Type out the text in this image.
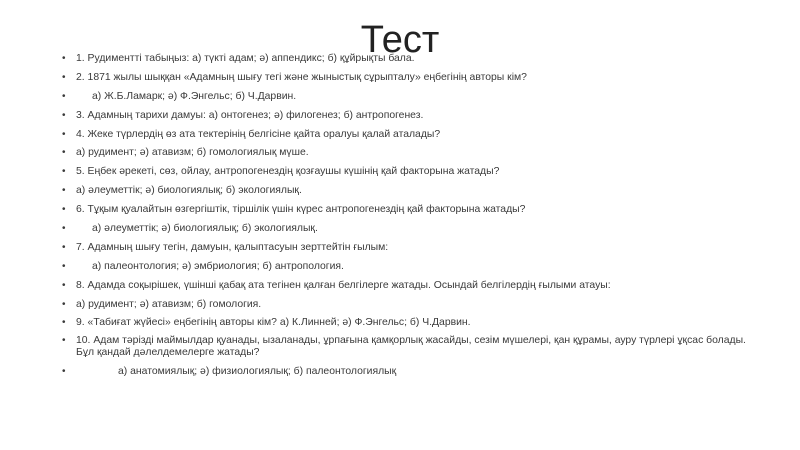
Тест
• 1. Рудиментті табыңыз: а) түкті адам; ә) аппендикс; б) құйрықты бала.
• 2. 1871 жылы шыққан «Адамның шығу тегі және жыныстық сұрыпталу» еңбегінің авторы кім?
•	а) Ж.Б.Ламарк; ә) Ф.Энгельс; б) Ч.Дарвин.
• 3. Адамның тарихи дамуы: а) онтогенез; ә) филогенез; б) антропогенез.
• 4. Жеке түрлердің өз ата тектерінің белгісіне қайта оралуы қалай аталады?
• а) рудимент; ә) атавизм; б) гомологиялық мүше.
• 5. Еңбек әрекеті, сөз, ойлау, антропогенездің қозғаушы күшінің қай факторына жатады?
• а) әлеуметтік; ә) биологиялық; б) экологиялық.
• 6. Тұқым қуалайтын өзгергіштік, тіршілік үшін күрес антропогенездің қай факторына жатады?
•	а) әлеуметтік; ә) биологиялық; б) экологиялық.
• 7. Адамның шығу тегін, дамуын, қалыптасуын зерттейтін ғылым:
•	а) палеонтология; ә) эмбриология; б) антропология.
• 8. Адамда соқырішек, үшінші қабақ ата тегінен қалған белгілерге жатады. Осындай белгілердің ғылыми атауы:
• а) рудимент; ә) атавизм; б) гомология.
• 9. «Табиғат жүйесі» еңбегінің авторы кім? а) К.Линней; ә) Ф.Энгельс; б) Ч.Дарвин.
• 10. Адам тәрізді маймылдар қуанады, ызаланады, ұрпағына қамқорлық жасайды, сезім мүшелері, қан құрамы, ауру түрлері ұқсас болады. Бұл қандай дәлелдемелерге жатады?
•	а) анатомиялық; ә) физиологиялық; б) палеонтологиялық
